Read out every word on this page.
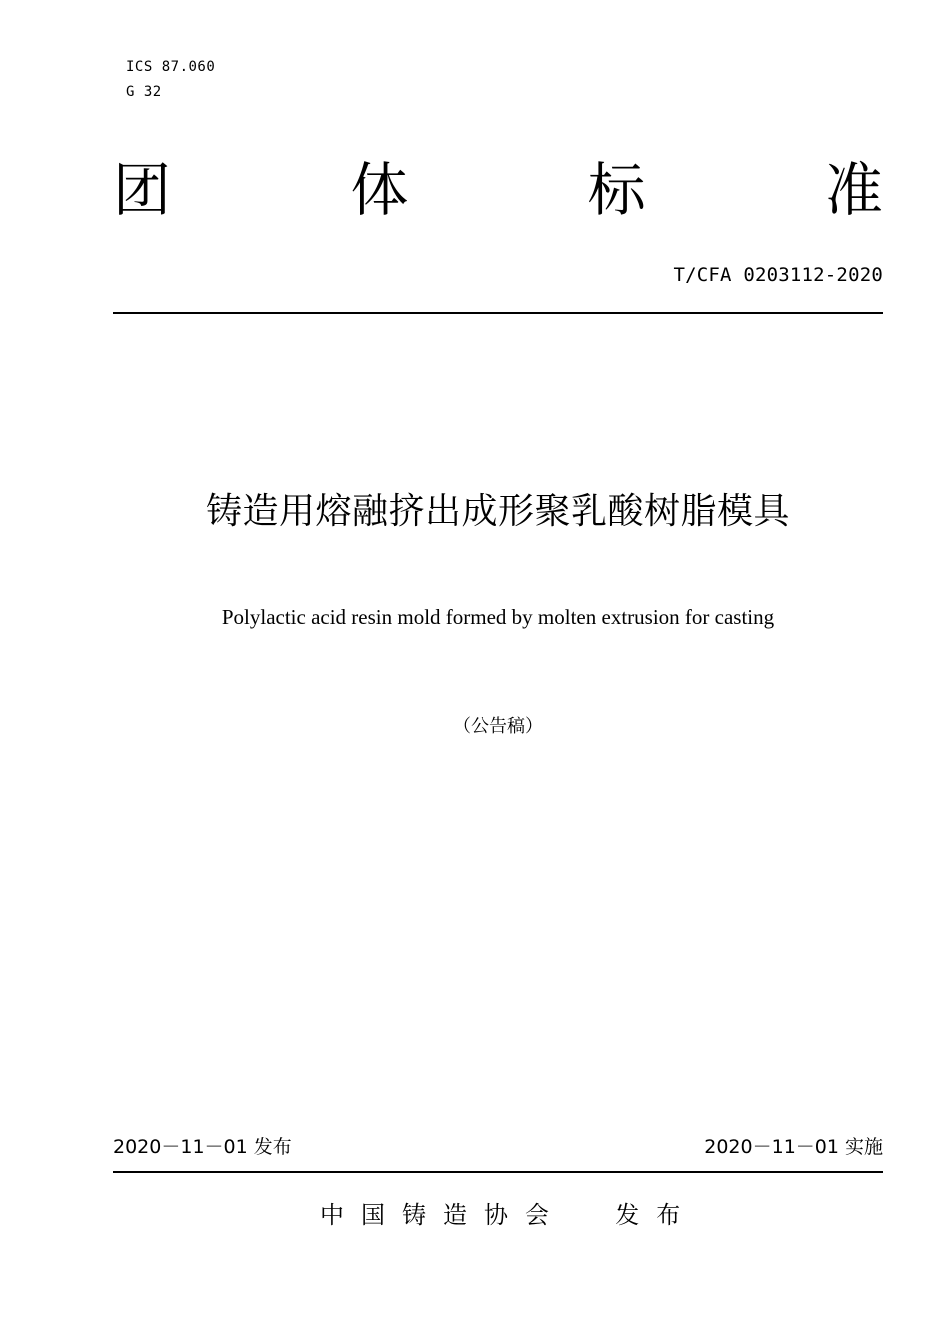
ICS 87.060
G 32
团	体	标	准
T/CFA 0203112-2020
铸造用熔融挤出成形聚乳酸树脂模具
Polylactic acid resin mold formed by molten extrusion for casting
（公告稿）
2020－11－01 发布	2020－11－01 实施
中国铸造协会  发布
